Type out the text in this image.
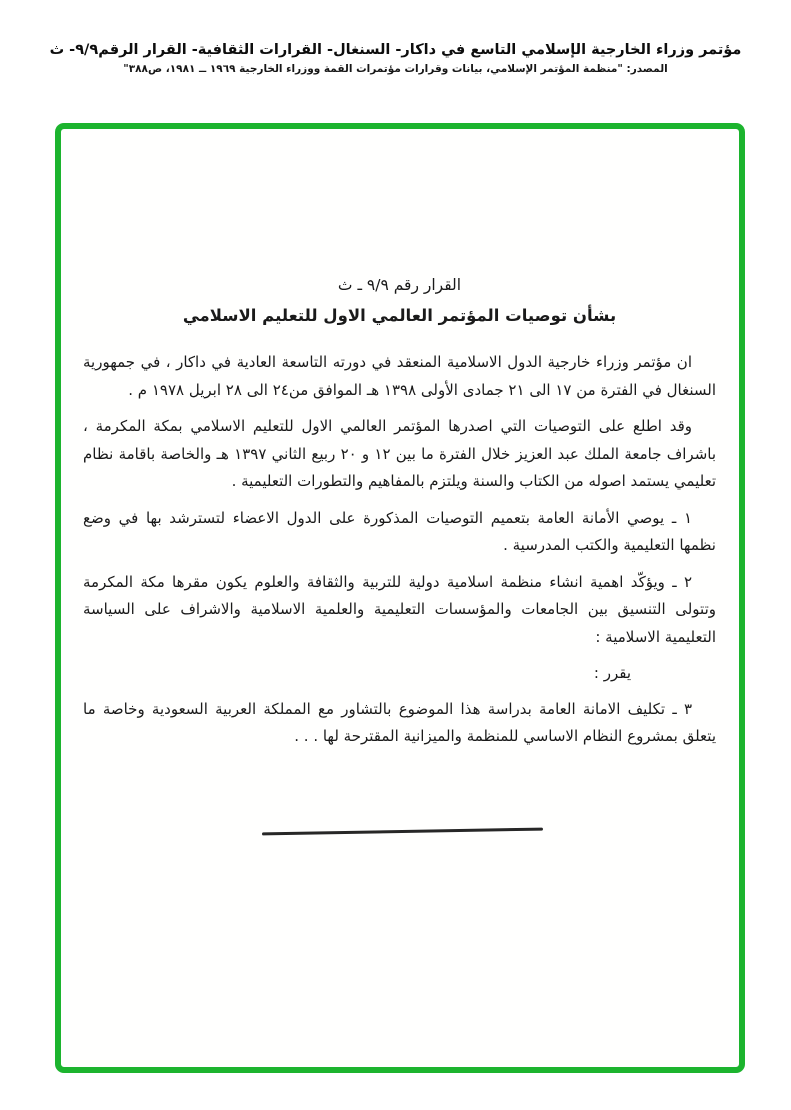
مؤتمر وزراء الخارجية الإسلامي التاسع في داكار- السنغال- القرارات الثقافية- القرار الرقم٩/٩- ث
المصدر: "منظمة المؤتمر الإسلامي، بيانات وقرارات مؤتمرات القمة ووزراء الخارجية ١٩٦٩ ــ ١٩٨١، ص٣٨٨"
القرار رقم ٩/٩ ـ ث
بشأن توصيات المؤتمر العالمي الاول للتعليم الاسلامي

ان مؤتمر وزراء خارجية الدول الاسلامية المنعقد في دورته التاسعة العادية في داكار ، في جمهورية السنغال في الفترة من ١٧ الى ٢١ جمادى الأولى ١٣٩٨ هـ الموافق من٢٤ الى ٢٨ ابريل ١٩٧٨ م .

وقد اطلع على التوصيات التي اصدرها المؤتمر العالمي الاول للتعليم الاسلامي بمكة المكرمة ، باشراف جامعة الملك عبد العزيز خلال الفترة ما بين ١٢ و ٢٠ ربيع الثاني ١٣٩٧ هـ والخاصة باقامة نظام تعليمي يستمد اصوله من الكتاب والسنة ويلتزم بالمفاهيم والتطورات التعليمية .

١ ـ يوصي الأمانة العامة بتعميم التوصيات المذكورة على الدول الاعضاء لتسترشد بها في وضع نظمها التعليمية والكتب المدرسية .

٢ ـ ويؤكّد اهمية انشاء منظمة اسلامية دولية للتربية والثقافة والعلوم يكون مقرها مكة المكرمة وتتولى التنسيق بين الجامعات والمؤسسات التعليمية والعلمية الاسلامية والاشراف على السياسة التعليمية الاسلامية :

يقرر :

٣ ـ تكليف الامانة العامة بدراسة هذا الموضوع بالتشاور مع المملكة العربية السعودية وخاصة ما يتعلق بمشروع النظام الاساسي للمنظمة والميزانية المقترحة لها . . .
